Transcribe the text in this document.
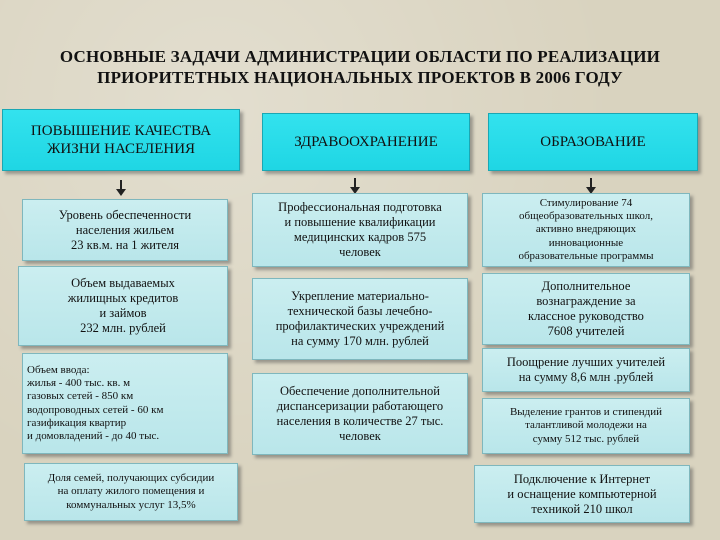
ОСНОВНЫЕ ЗАДАЧИ АДМИНИСТРАЦИИ ОБЛАСТИ ПО РЕАЛИЗАЦИИ
ПРИОРИТЕТНЫХ НАЦИОНАЛЬНЫХ ПРОЕКТОВ В 2006 ГОДУ
ПОВЫШЕНИЕ КАЧЕСТВА
ЖИЗНИ НАСЕЛЕНИЯ
Уровень обеспеченности
населения жильем
23 кв.м. на 1 жителя
Объем выдаваемых
жилищных кредитов
и займов
232 млн. рублей
Объем ввода:
жилья - 400 тыс. кв. м
газовых сетей - 850 км
водопроводных сетей - 60 км
газификация квартир
и домовладений - до 40 тыс.
Доля семей, получающих субсидии
на оплату жилого помещения и
коммунальных услуг 13,5%
ЗДРАВООХРАНЕНИЕ
Профессиональная подготовка
и повышение квалификации
медицинских кадров 575
человек
Укрепление материально-
технической базы лечебно-
профилактических учреждений
на сумму 170 млн. рублей
Обеспечение дополнительной
диспансеризации работающего
населения в количестве 27 тыс.
человек
ОБРАЗОВАНИЕ
Стимулирование 74
общеобразовательных школ,
активно внедряющих
инновационные
образовательные программы
Дополнительное
вознаграждение за
классное руководство
7608 учителей
Поощрение лучших учителей
на сумму 8,6 млн .рублей
Выделение грантов и стипендий
талантливой молодежи на
сумму 512 тыс. рублей
Подключение к Интернет
и оснащение компьютерной
техникой 210 школ
